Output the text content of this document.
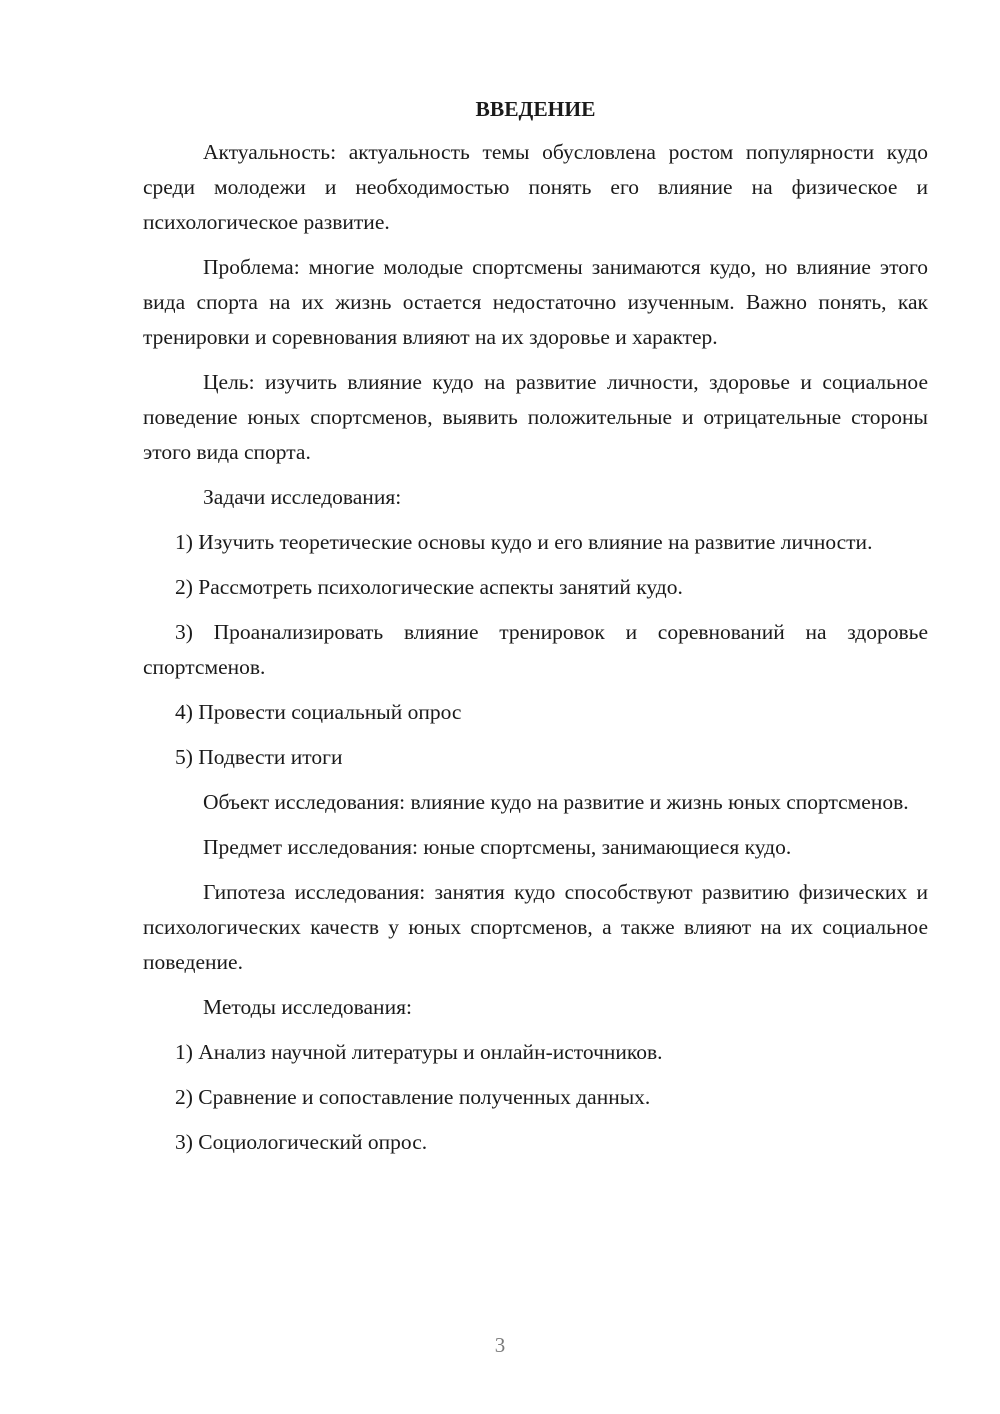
ВВЕДЕНИЕ

Актуальность: актуальность темы обусловлена ростом популярности кудо среди молодежи и необходимостью понять его влияние на физическое и психологическое развитие.

Проблема: многие молодые спортсмены занимаются кудо, но влияние этого вида спорта на их жизнь остается недостаточно изученным. Важно понять, как тренировки и соревнования влияют на их здоровье и характер.

Цель: изучить влияние кудо на развитие личности, здоровье и социальное поведение юных спортсменов, выявить положительные и отрицательные стороны этого вида спорта.

Задачи исследования:

1) Изучить теоретические основы кудо и его влияние на развитие личности.

2) Рассмотреть психологические аспекты занятий кудо.

3) Проанализировать влияние тренировок и соревнований на здоровье спортсменов.

4) Провести социальный опрос

5) Подвести итоги

Объект исследования: влияние кудо на развитие и жизнь юных спортсменов.

Предмет исследования: юные спортсмены, занимающиеся кудо.

Гипотеза исследования: занятия кудо способствуют развитию физических и психологических качеств у юных спортсменов, а также влияют на их социальное поведение.

Методы исследования:

1) Анализ научной литературы и онлайн-источников.

2) Сравнение и сопоставление полученных данных.

3) Социологический опрос.

3
